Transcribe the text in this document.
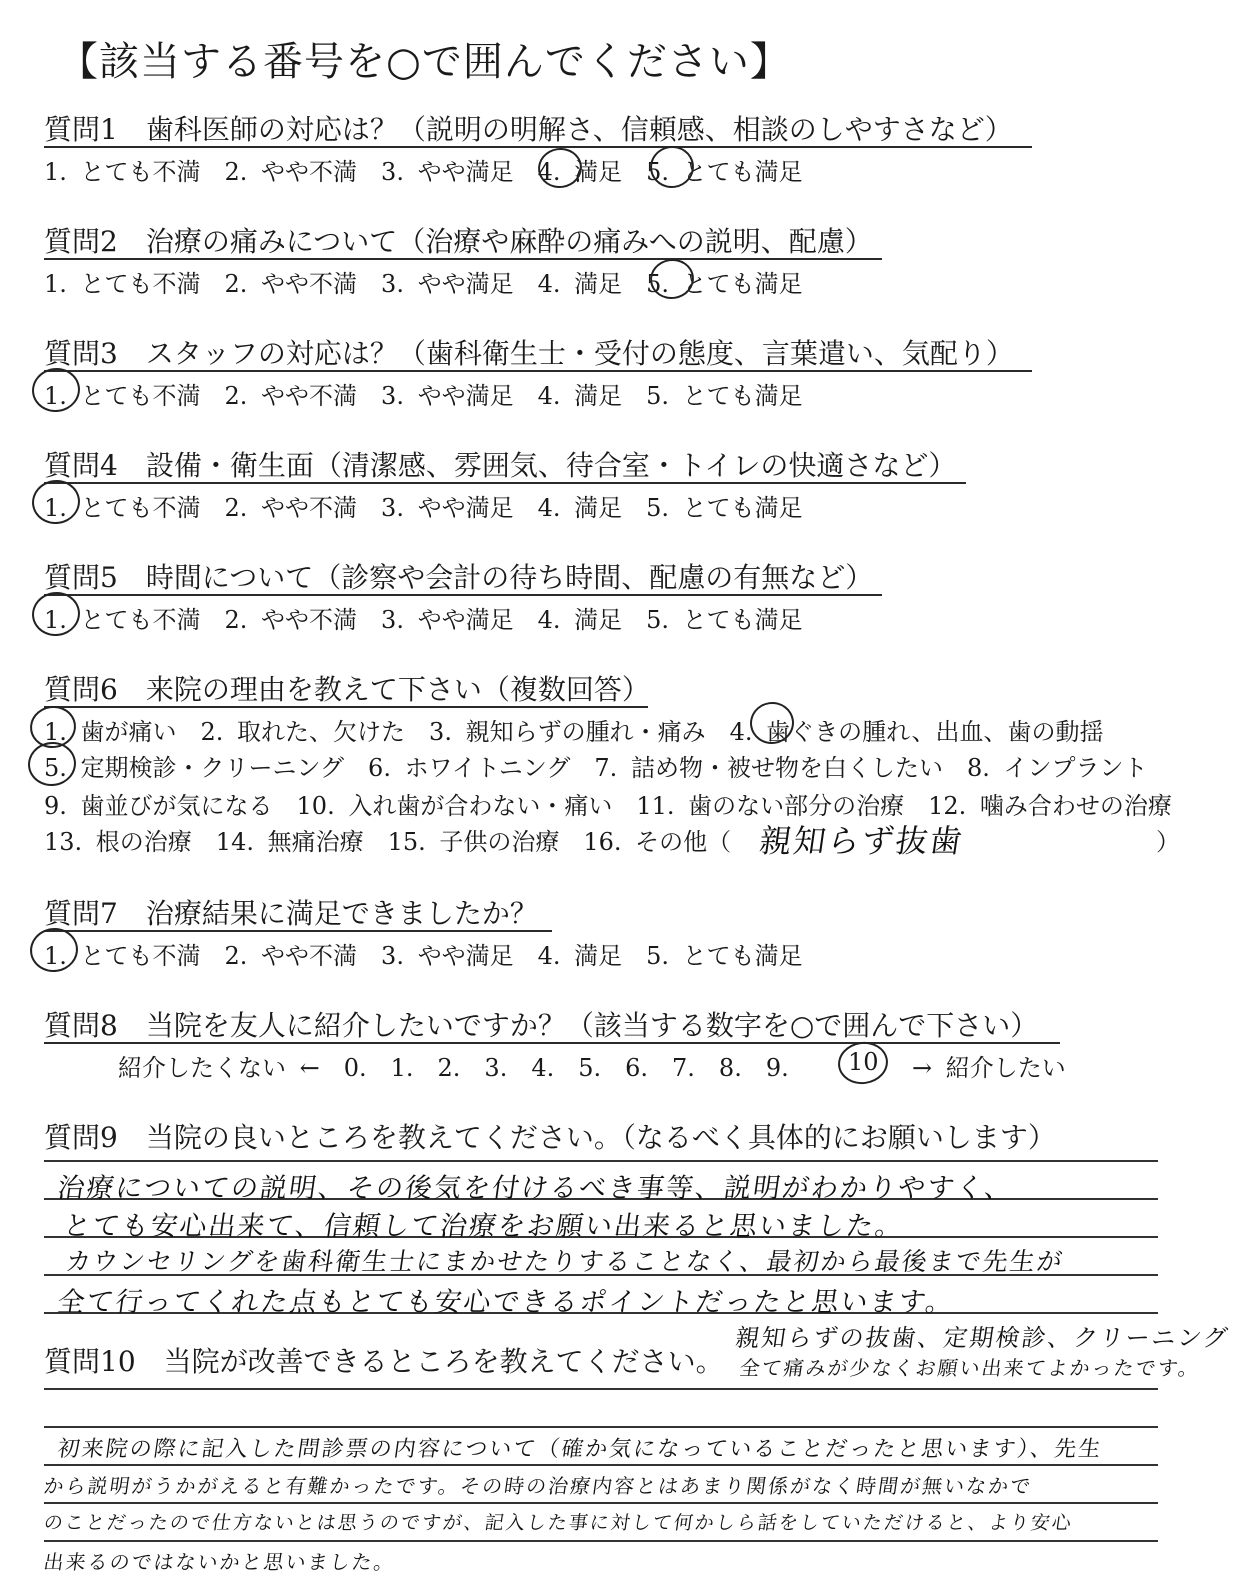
【該当する番号を○で囲んでください】
質問1　歯科医師の対応は？（説明の明解さ、信頼感、相談のしやすさなど）
1. とても不満　2. やや不満　3. やや満足　4. 満足　5. とても満足
質問2　治療の痛みについて（治療や麻酔の痛みへの説明、配慮）
1. とても不満　2. やや不満　3. やや満足　4. 満足　5. とても満足
質問3　スタッフの対応は？（歯科衛生士・受付の態度、言葉遣い、気配り）
1. とても不満　2. やや不満　3. やや満足　4. 満足　5. とても満足
質問4　設備・衛生面（清潔感、雰囲気、待合室・トイレの快適さなど）
1. とても不満　2. やや不満　3. やや満足　4. 満足　5. とても満足
質問5　時間について（診察や会計の待ち時間、配慮の有無など）
1. とても不満　2. やや不満　3. やや満足　4. 満足　5. とても満足
質問6　来院の理由を教えて下さい（複数回答）
1. 歯が痛い　2. 取れた、欠けた　3. 親知らずの腫れ・痛み　4. 歯ぐきの腫れ、出血、歯の動揺
5. 定期検診・クリーニング　6. ホワイトニング　7. 詰め物・被せ物を白くしたい　8. インプラント
9. 歯並びが気になる　10. 入れ歯が合わない・痛い　11. 歯のない部分の治療　12. 噛み合わせの治療
13. 根の治療　14. 無痛治療　15. 子供の治療　16. その他（ 親知らず抜歯	）
質問7　治療結果に満足できましたか？
1. とても不満　2. やや不満　3. やや満足　4. 満足　5. とても満足
質問8　当院を友人に紹介したいですか？（該当する数字を○で囲んで下さい）
紹介したくない ←　0.　1.　2.　3.　4.　5.　6.　7.　8.　9. 10 → 紹介したい
質問9　当院の良いところを教えてください。（なるべく具体的にお願いします）
治療についての説明、その後気を付けるべき事等、説明がわかりやすく、
とても安心出来て、信頼して治療をお願い出来ると思いました。
カウンセリングを歯科衛生士にまかせたりすることなく、最初から最後まで先生が
全て行ってくれた点もとても安心できるポイントだったと思います。
質問10　当院が改善できるところを教えてください。
親知らずの抜歯、定期検診、クリーニング
全て痛みが少なくお願い出来てよかったです。
初来院の際に記入した問診票の内容について（確か気になっていることだったと思います）、先生
から説明がうかがえると有難かったです。その時の治療内容とはあまり関係がなく時間が無いなかで
のことだったので仕方ないとは思うのですが、記入した事に対して何かしら話をしていただけると、より安心
出来るのではないかと思いました。
